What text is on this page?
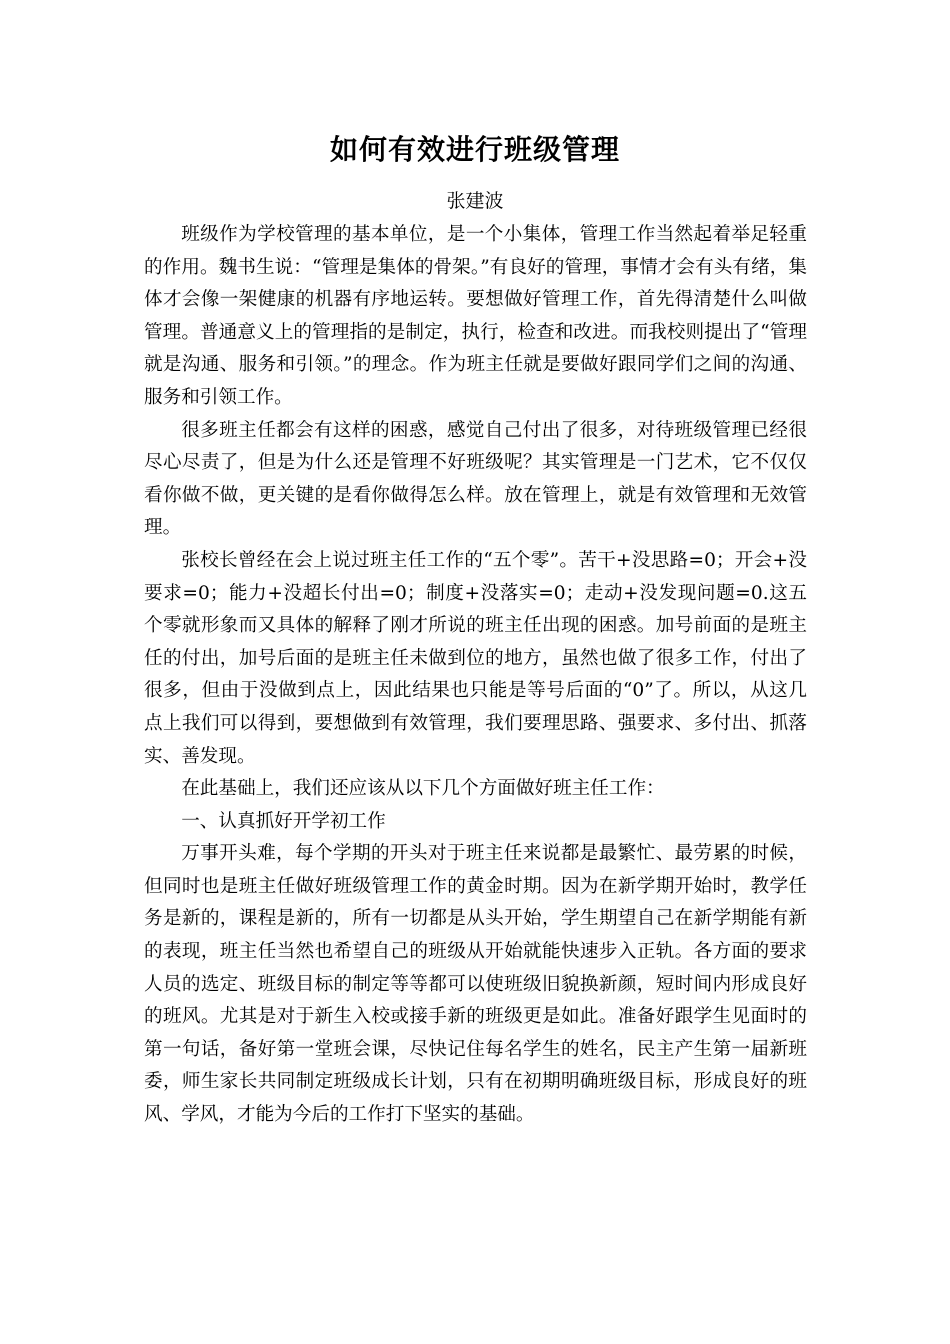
如何有效进行班级管理
张建波

班级作为学校管理的基本单位，是一个小集体，管理工作当然起着举足轻重的作用。魏书生说：“管理是集体的骨架。”有良好的管理，事情才会有头有绪，集体才会像一架健康的机器有序地运转。要想做好管理工作，首先得清楚什么叫做管理。普通意义上的管理指的是制定，执行，检查和改进。而我校则提出了“管理就是沟通、服务和引领。”的理念。作为班主任就是要做好跟同学们之间的沟通、服务和引领工作。

很多班主任都会有这样的困惑，感觉自己付出了很多，对待班级管理已经很尽心尽责了，但是为什么还是管理不好班级呢？其实管理是一门艺术，它不仅仅看你做不做，更关键的是看你做得怎么样。放在管理上，就是有效管理和无效管理。

张校长曾经在会上说过班主任工作的“五个零”。苦干+没思路=0；开会+没要求=0；能力+没超长付出=0；制度+没落实=0；走动+没发现问题=0.这五个零就形象而又具体的解释了刚才所说的班主任出现的困惑。加号前面的是班主任的付出，加号后面的是班主任未做到位的地方，虽然也做了很多工作，付出了很多，但由于没做到点上，因此结果也只能是等号后面的“0”了。所以，从这几点上我们可以得到，要想做到有效管理，我们要理思路、强要求、多付出、抓落实、善发现。

在此基础上，我们还应该从以下几个方面做好班主任工作：

一、认真抓好开学初工作

万事开头难，每个学期的开头对于班主任来说都是最繁忙、最劳累的时候，但同时也是班主任做好班级管理工作的黄金时期。因为在新学期开始时，教学任务是新的，课程是新的，所有一切都是从头开始，学生期望自己在新学期能有新的表现，班主任当然也希望自己的班级从开始就能快速步入正轨。各方面的要求人员的选定、班级目标的制定等等都可以使班级旧貌换新颜，短时间内形成良好的班风。尤其是对于新生入校或接手新的班级更是如此。准备好跟学生见面时的第一句话，备好第一堂班会课，尽快记住每名学生的姓名，民主产生第一届新班委，师生家长共同制定班级成长计划，只有在初期明确班级目标，形成良好的班风、学风，才能为今后的工作打下坚实的基础。
